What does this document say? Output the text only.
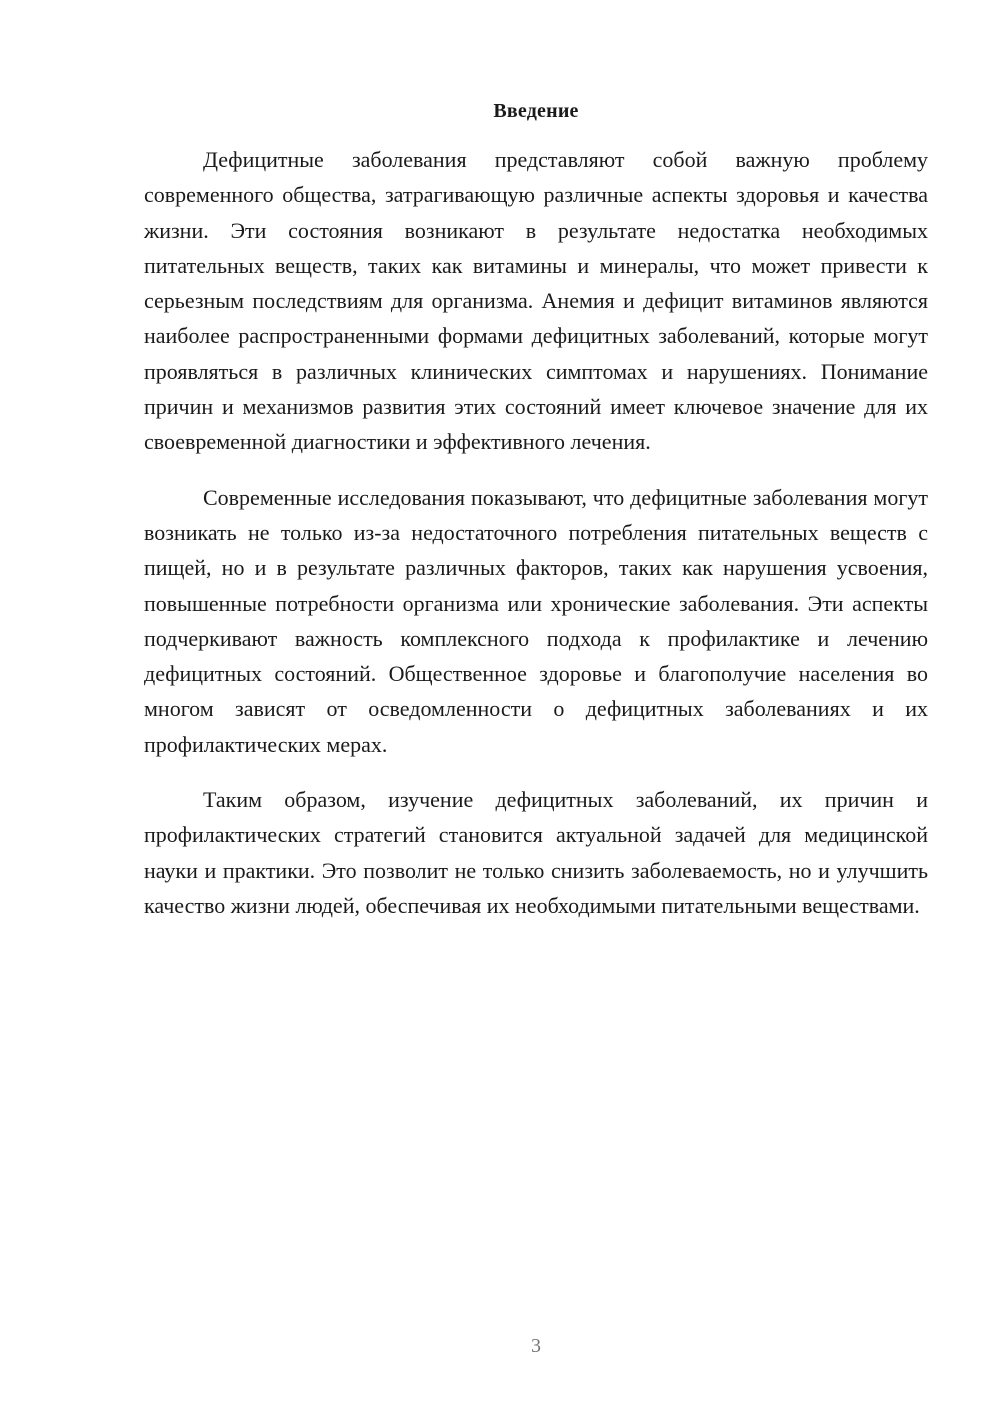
Введение

Дефицитные заболевания представляют собой важную проблему современного общества, затрагивающую различные аспекты здоровья и качества жизни. Эти состояния возникают в результате недостатка необходимых питательных веществ, таких как витамины и минералы, что может привести к серьезным последствиям для организма. Анемия и дефицит витаминов являются наиболее распространенными формами дефицитных заболеваний, которые могут проявляться в различных клинических симптомах и нарушениях. Понимание причин и механизмов развития этих состояний имеет ключевое значение для их своевременной диагностики и эффективного лечения.

Современные исследования показывают, что дефицитные заболевания могут возникать не только из-за недостаточного потребления питательных веществ с пищей, но и в результате различных факторов, таких как нарушения усвоения, повышенные потребности организма или хронические заболевания. Эти аспекты подчеркивают важность комплексного подхода к профилактике и лечению дефицитных состояний. Общественное здоровье и благополучие населения во многом зависят от осведомленности о дефицитных заболеваниях и их профилактических мерах.

Таким образом, изучение дефицитных заболеваний, их причин и профилактических стратегий становится актуальной задачей для медицинской науки и практики. Это позволит не только снизить заболеваемость, но и улучшить качество жизни людей, обеспечивая их необходимыми питательными веществами.

3
